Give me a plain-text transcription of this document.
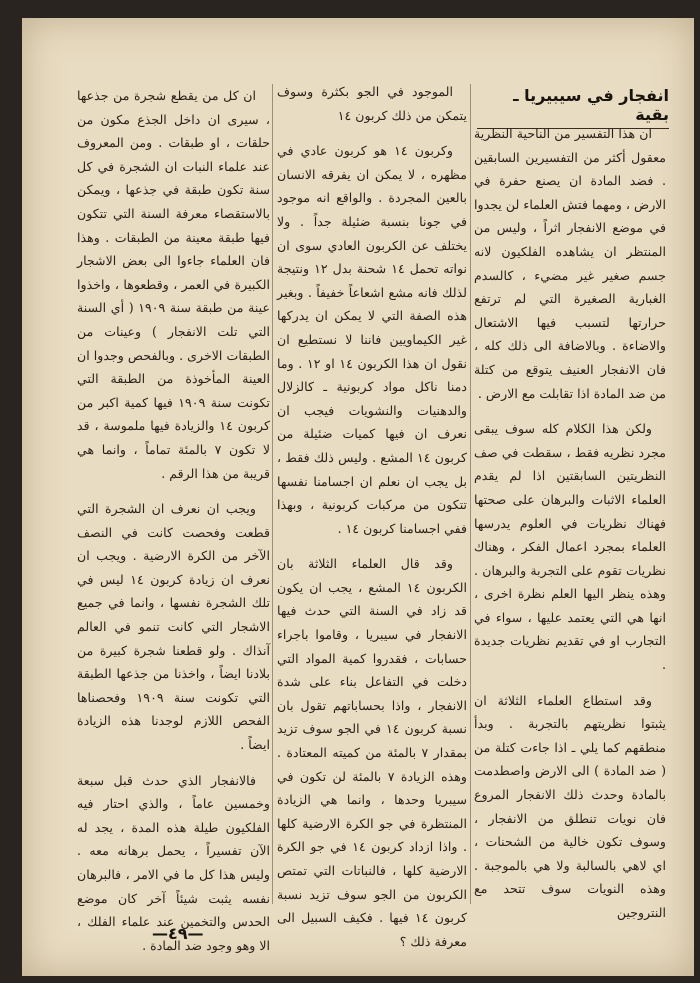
انفجار في سيبيريا ـ بقية

ان هذا التفسير من الناحية النظرية معقول أكثر من التفسيرين السابقين . فضد المادة ان يصنع حفرة في الارض ، ومهما فتش العلماء لن يجدوا في موضع الانفجار اثراً ، وليس من المنتظر ان يشاهده الفلكيون لانه جسم صغير غير مضيء ، كالسدم الغبارية الصغيرة التي لم ترتفع حرارتها لتسبب فيها الاشتعال والاضاءة . وبالاضافة الى ذلك كله ، فان الانفجار العنيف يتوقع من كتلة من ضد المادة اذا تقابلت مع الارض .

ولكن هذا الكلام كله سوف يبقى مجرد نظريه فقط ، سقطت في صف النظريتين السابقتين اذا لم يقدم العلماء الاثبات والبرهان على صحتها فهناك نظريات في العلوم يدرسها العلماء بمجرد اعمال الفكر ، وهناك نظريات تقوم على التجربة والبرهان . وهذه ينظر اليها العلم نظرة اخرى ، انها هي التي يعتمد عليها ، سواء في التجارب او في تقديم نظريات جديدة .

وقد استطاع العلماء الثلاثة ان يثبتوا نظريتهم بالتجربة . وبدأ منطقهم كما يلي ـ اذا جاءت كتلة من ( ضد المادة ) الى الارض واصطدمت بالمادة وحدث ذلك الانفجار المروع فان نويات تنطلق من الانفجار ، وسوف تكون خالية من الشحنات ، اي لاهي بالسالبة ولا هي بالموجبة . وهذه النويات سوف تتحد مع النتروجين

الموجود في الجو بكثرة وسوف يتمكن من ذلك كربون ١٤

وكربون ١٤ هو كربون عادي في مظهره ، لا يمكن ان يفرقه الانسان بالعين المجردة . والواقع انه موجود في جونا بنسبة ضئيلة جداً . ولا يختلف عن الكربون العادي سوى ان نواته تحمل ١٤ شحنة بدل ١٢ ونتيجة لذلك فانه مشع اشعاعاً خفيفاً . وبغير هذه الصفة التي لا يمكن ان يدركها غير الكيماويين فاننا لا نستطيع ان نقول ان هذا الكربون ١٤ او ١٢ . وما دمنا ناكل مواد كربونية ـ كالزلال والدهنيات والنشويات فيجب ان نعرف ان فيها كميات ضئيلة من كربون ١٤ المشع . وليس ذلك فقط ، بل يجب ان نعلم ان اجسامنا نفسها تتكون من مركبات كربونية ، وبهذا ففي اجسامنا كربون ١٤ .

وقد قال العلماء الثلاثة بان الكربون ١٤ المشع ، يجب ان يكون قد زاد في السنة التي حدث فيها الانفجار في سيبريا ، وقاموا باجراء حسابات ، فقدروا كمية المواد التي دخلت في التفاعل بناء على شدة الانفجار ، واذا بحساباتهم تقول بان نسبة كربون ١٤ في الجو سوف تزيد بمقدار ٧ بالمئة من كميته المعتادة . وهذه الزيادة ٧ بالمئة لن تكون في سيبريا وحدها ، وانما هي الزيادة المنتظرة في جو الكرة الارضية كلها . واذا ازداد كربون ١٤ في جو الكرة الارضية كلها ، فالنباتات التي تمتص الكربون من الجو سوف تزيد نسبة كربون ١٤ فيها . فكيف السبيل الى معرفة ذلك ؟

ان كل من يقطع شجرة من جذعها ، سيرى ان داخل الجذع مكون من حلقات ، او طبقات . ومن المعروف عند علماء النبات ان الشجرة في كل سنة تكون طبقة في جذعها ، ويمكن بالاستقصاء معرفة السنة التي تتكون فيها طبقة معينة من الطبقات . وهذا فان العلماء جاءوا الى بعض الاشجار الكبيرة في العمر ، وقطعوها ، واخذوا عينة من طبقة سنة ١٩٠٩ ( أي السنة التي تلت الانفجار ) وعينات من الطبقات الاخرى . وبالفحص وجدوا ان العينة المأخوذة من الطبقة التي تكونت سنة ١٩٠٩ فيها كمية اكبر من كربون ١٤ والزيادة فيها ملموسة ، قد لا تكون ٧ بالمئة تماماً ، وانما هي قريبة من هذا الرقم .

ويجب ان نعرف ان الشجرة التي قطعت وفحصت كانت في النصف الآخر من الكرة الارضية . ويجب ان نعرف ان زيادة كربون ١٤ ليس في تلك الشجرة نفسها ، وانما في جميع الاشجار التي كانت تنمو في العالم آنذاك . ولو قطعنا شجرة كبيرة من بلادنا ايضاً ، واخذنا من جذعها الطبقة التي تكونت سنة ١٩٠٩ وفحصناها الفحص اللازم لوجدنا هذه الزيادة ايضاً .

فالانفجار الذي حدث قبل سبعة وخمسين عاماً ، والذي احتار فيه الفلكيون طيلة هذه المدة ، يجد له الآن تفسيراً ، يحمل برهانه معه . وليس هذا كل ما في الامر ، فالبرهان نفسه يثبت شيئاً آخر كان موضع الحدس والتخمين عند علماء الفلك ، الا وهو وجود ضد المادة .

— ٤٩ —
